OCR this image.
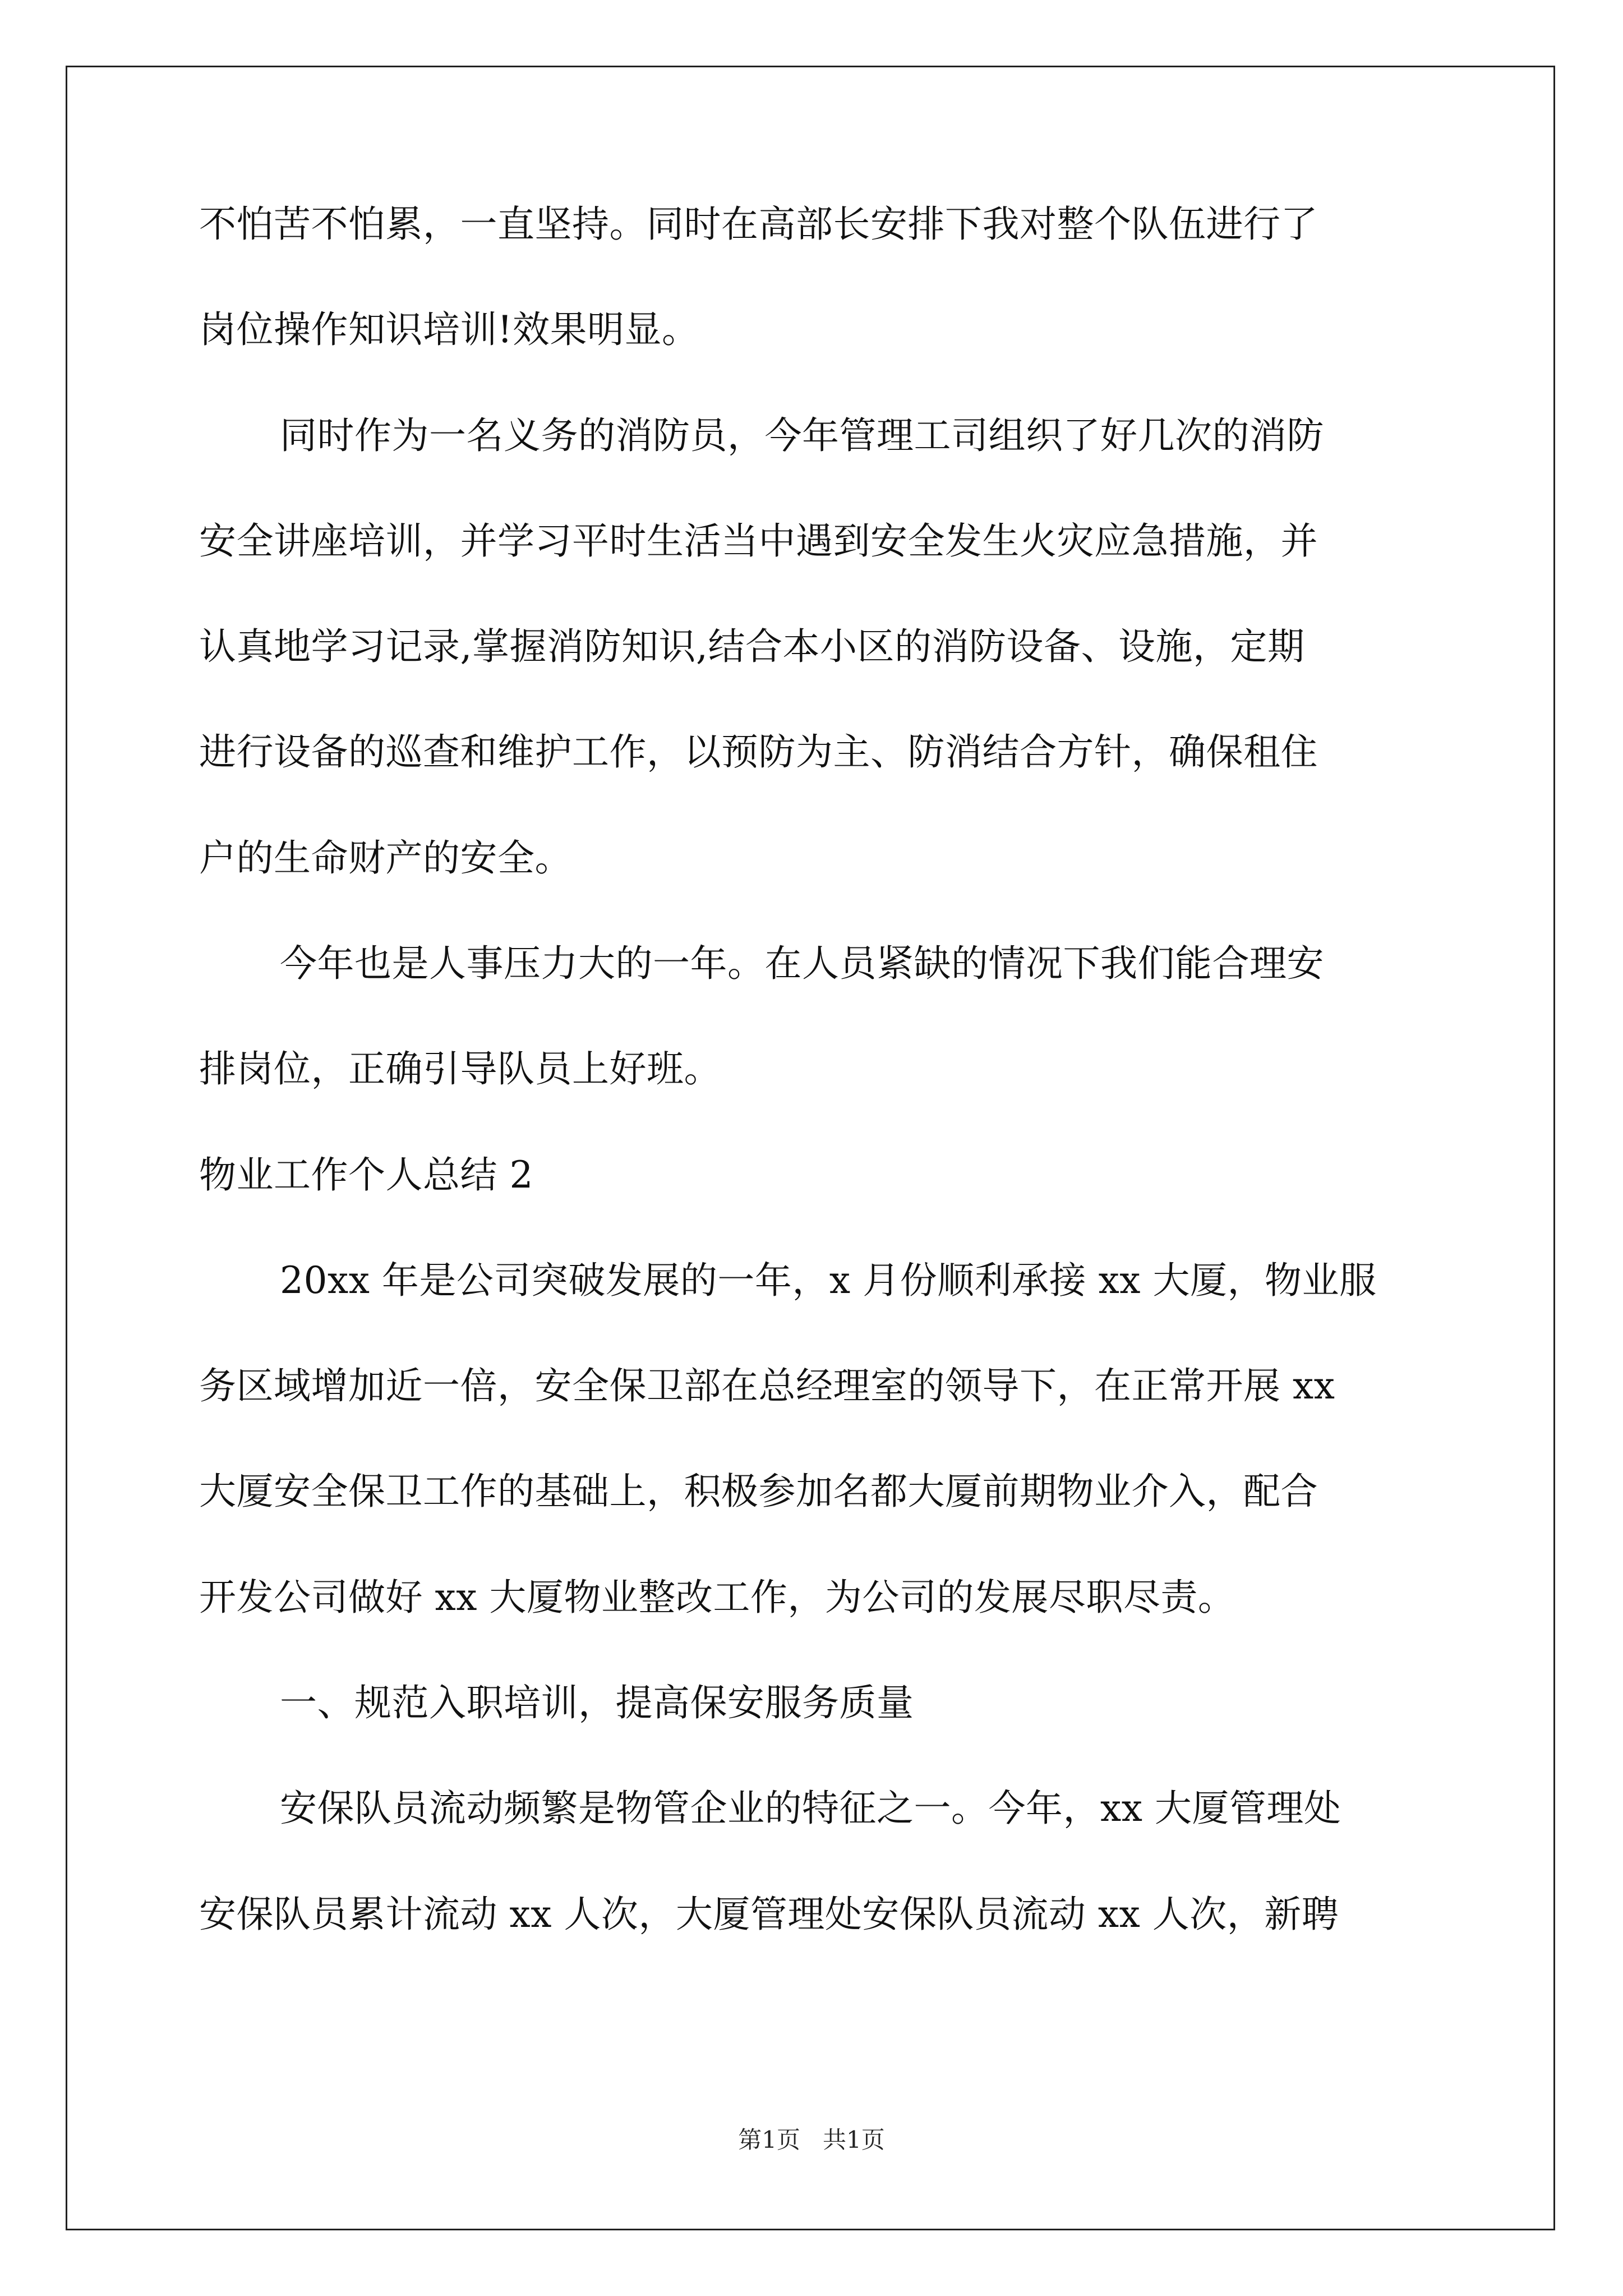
不怕苦不怕累，一直坚持。同时在高部长安排下我对整个队伍进行了
岗位操作知识培训!效果明显。
同时作为一名义务的消防员，今年管理工司组织了好几次的消防
安全讲座培训，并学习平时生活当中遇到安全发生火灾应急措施，并
认真地学习记录,掌握消防知识,结合本小区的消防设备、设施，定期
进行设备的巡查和维护工作，以预防为主、防消结合方针，确保租住
户的生命财产的安全。
今年也是人事压力大的一年。在人员紧缺的情况下我们能合理安
排岗位，正确引导队员上好班。
物业工作个人总结 2
20xx 年是公司突破发展的一年，x 月份顺利承接 xx 大厦，物业服
务区域增加近一倍，安全保卫部在总经理室的领导下，在正常开展 xx
大厦安全保卫工作的基础上，积极参加名都大厦前期物业介入，配合
开发公司做好 xx 大厦物业整改工作，为公司的发展尽职尽责。
一、规范入职培训，提高保安服务质量
安保队员流动频繁是物管企业的特征之一。今年，xx 大厦管理处
安保队员累计流动 xx 人次，大厦管理处安保队员流动 xx 人次，新聘
第1页   共1页
